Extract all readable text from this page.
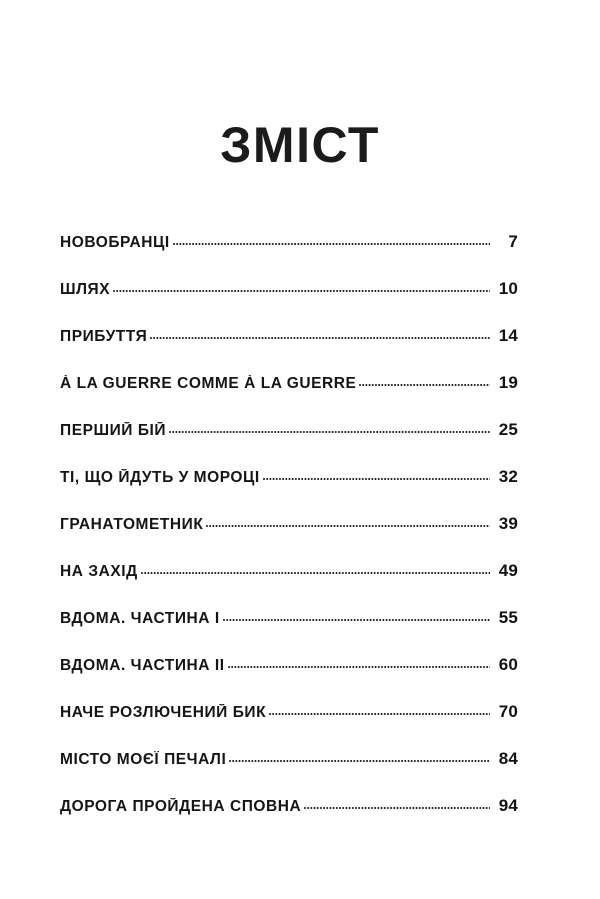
ЗМІСТ
НОВОБРАНЦІ	7
ШЛЯХ	10
ПРИБУТТЯ	14
À LA GUERRE COMME À LA GUERRE	19
ПЕРШИЙ БІЙ	25
ТІ, ЩО ЙДУТЬ У МОРОЦІ	32
ГРАНАТОМЕТНИК	39
НА ЗАХІД	49
ВДОМА. ЧАСТИНА I	55
ВДОМА. ЧАСТИНА II	60
НАЧЕ РОЗЛЮЧЕНИЙ БИК	70
МІСТО МОЄЇ ПЕЧАЛІ	84
ДОРОГА ПРОЙДЕНА СПОВНА	94
